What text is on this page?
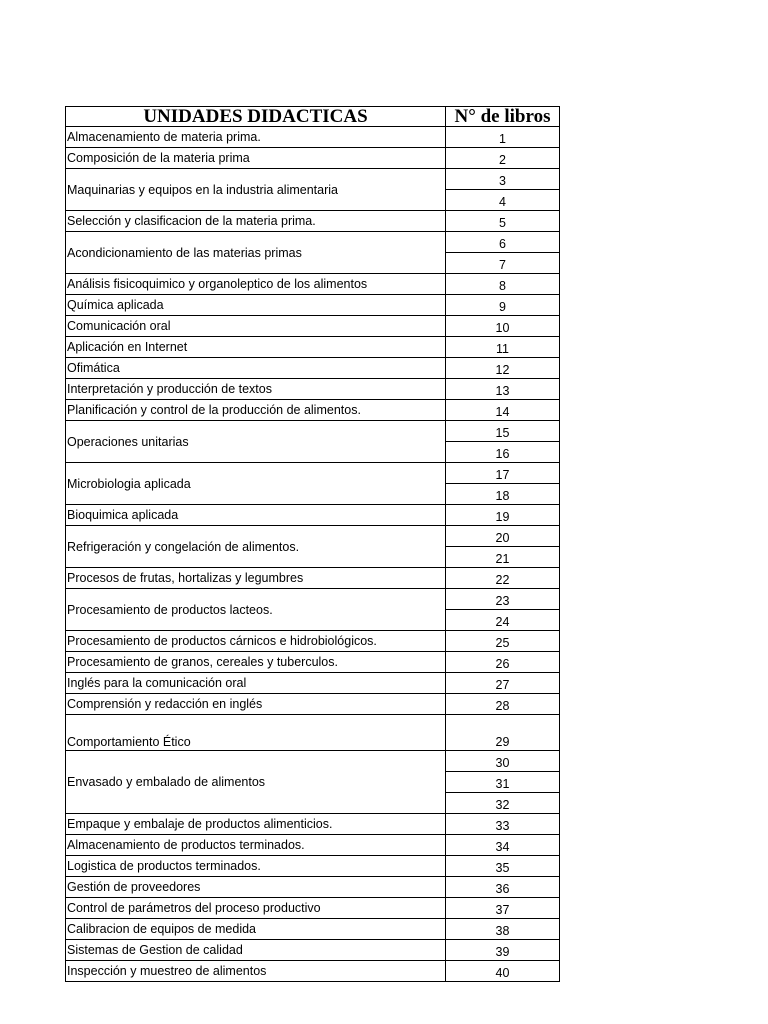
UNIDADES DIDACTICAS	N° de libros
Almacenamiento de materia prima.	1
Composición de la materia prima	2
Maquinarias y equipos en la industria alimentaria	3
	4
Selección y clasificacion de la materia prima.	5
Acondicionamiento de las materias primas	6
	7
Análisis fisicoquimico y organoleptico de los alimentos	8
Química aplicada	9
Comunicación oral	10
Aplicación en Internet	11
Ofimática	12
Interpretación y producción de textos	13
Planificación y control de la producción de alimentos.	14
Operaciones unitarias	15
	16
Microbiologia aplicada	17
	18
Bioquimica aplicada	19
Refrigeración y congelación de alimentos.	20
	21
Procesos de frutas, hortalizas y legumbres	22
Procesamiento de productos lacteos.	23
	24
Procesamiento de productos cárnicos e hidrobiológicos.	25
Procesamiento de granos, cereales y tuberculos.	26
Inglés para la comunicación oral	27
Comprensión y redacción en inglés	28
Comportamiento Ético	29
Envasado y embalado de alimentos	30
	31
	32
Empaque y embalaje de productos alimenticios.	33
Almacenamiento de productos terminados.	34
Logistica de productos terminados.	35
Gestión de proveedores	36
Control de parámetros del proceso productivo	37
Calibracion de equipos de medida	38
Sistemas de Gestion de calidad	39
Inspección y muestreo de alimentos	40
